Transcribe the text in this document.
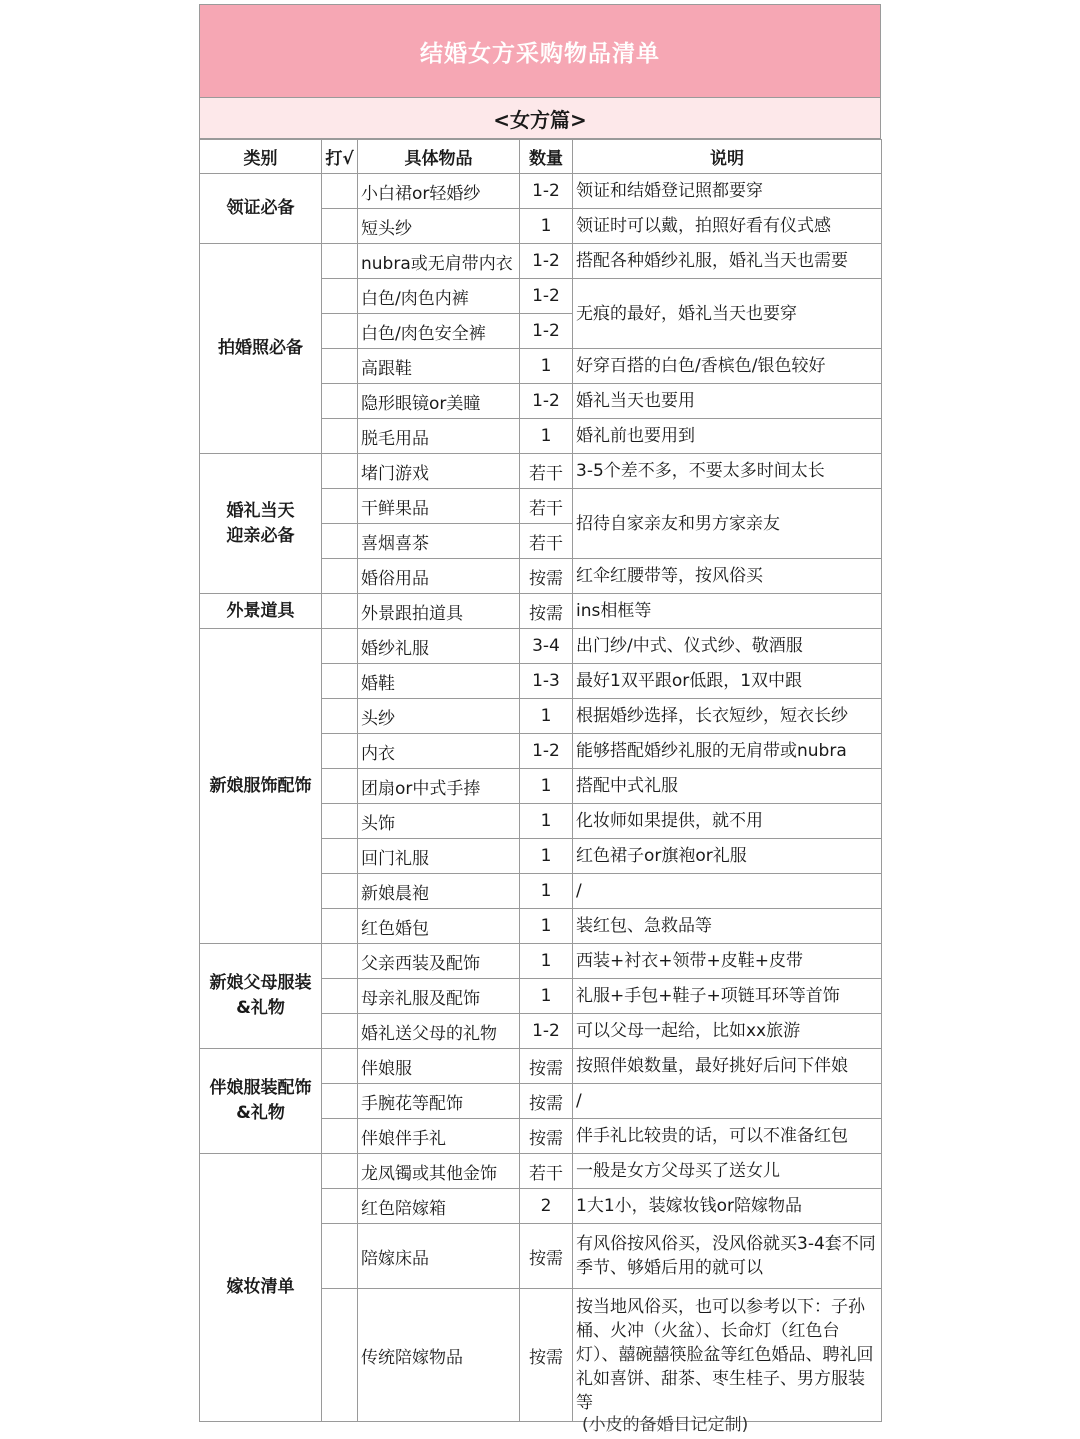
结婚女方采购物品清单
<女方篇>
类别	打√	具体物品	数量	说明
领证必备		小白裙or轻婚纱	1-2	领证和结婚登记照都要穿
		短头纱	1	领证时可以戴，拍照好看有仪式感
拍婚照必备		nubra或无肩带内衣	1-2	搭配各种婚纱礼服，婚礼当天也需要
		白色/肉色内裤	1-2	无痕的最好，婚礼当天也要穿
		白色/肉色安全裤	1-2	
		高跟鞋	1	好穿百搭的白色/香槟色/银色较好
		隐形眼镜or美瞳	1-2	婚礼当天也要用
		脱毛用品	1	婚礼前也要用到
婚礼当天
迎亲必备		堵门游戏	若干	3-5个差不多，不要太多时间太长
		干鲜果品	若干	招待自家亲友和男方家亲友
		喜烟喜茶	若干	
		婚俗用品	按需	红伞红腰带等，按风俗买
外景道具		外景跟拍道具	按需	ins相框等
新娘服饰配饰		婚纱礼服	3-4	出门纱/中式、仪式纱、敬酒服
		婚鞋	1-3	最好1双平跟or低跟，1双中跟
		头纱	1	根据婚纱选择，长衣短纱，短衣长纱
		内衣	1-2	能够搭配婚纱礼服的无肩带或nubra
		团扇or中式手捧	1	搭配中式礼服
		头饰	1	化妆师如果提供，就不用
		回门礼服	1	红色裙子or旗袍or礼服
		新娘晨袍	1	/
		红色婚包	1	装红包、急救品等
新娘父母服装
&礼物		父亲西装及配饰	1	西装+衬衣+领带+皮鞋+皮带
		母亲礼服及配饰	1	礼服+手包+鞋子+项链耳环等首饰
		婚礼送父母的礼物	1-2	可以父母一起给，比如xx旅游
伴娘服装配饰
&礼物		伴娘服	按需	按照伴娘数量，最好挑好后问下伴娘
		手腕花等配饰	按需	/
		伴娘伴手礼	按需	伴手礼比较贵的话，可以不准备红包
嫁妆清单		龙凤镯或其他金饰	若干	一般是女方父母买了送女儿
		红色陪嫁箱	2	1大1小，装嫁妆钱or陪嫁物品
		陪嫁床品	按需	有风俗按风俗买，没风俗就买3-4套不同季节、够婚后用的就可以
		传统陪嫁物品	按需	按当地风俗买，也可以参考以下：子孙桶、火冲（火盆）、长命灯（红色台灯）、囍碗囍筷脸盆等红色婚品、聘礼回礼如喜饼、甜茶、枣生桂子、男方服装等
(小皮的备婚日记定制)
